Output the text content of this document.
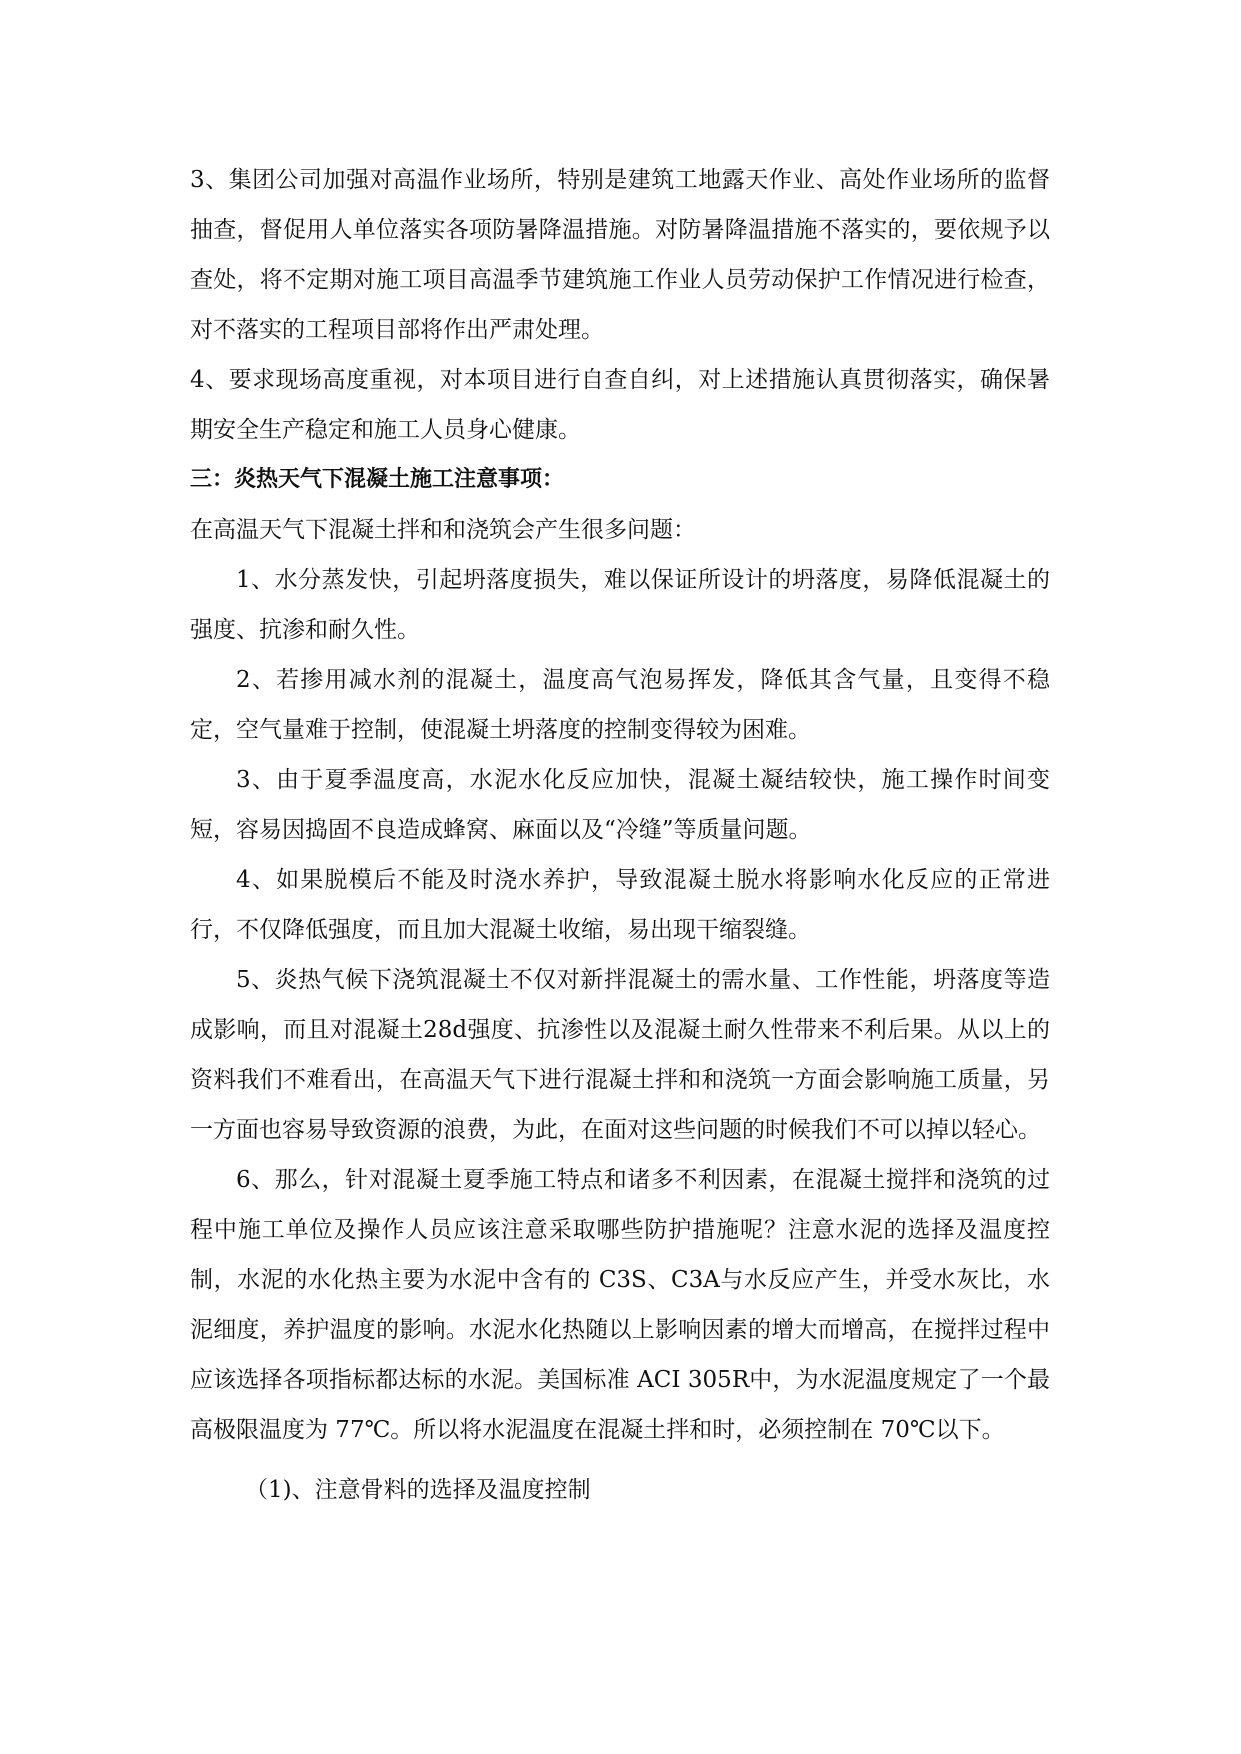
3、集团公司加强对高温作业场所，特别是建筑工地露天作业、高处作业场所的监督抽查，督促用人单位落实各项防暑降温措施。对防暑降温措施不落实的，要依规予以查处，将不定期对施工项目高温季节建筑施工作业人员劳动保护工作情况进行检查，对不落实的工程项目部将作出严肃处理。

4、要求现场高度重视，对本项目进行自查自纠，对上述措施认真贯彻落实，确保暑期安全生产稳定和施工人员身心健康。

三：炎热天气下混凝土施工注意事项：

在高温天气下混凝土拌和和浇筑会产生很多问题：

1、水分蒸发快，引起坍落度损失，难以保证所设计的坍落度，易降低混凝土的强度、抗渗和耐久性。

2、若掺用减水剂的混凝土，温度高气泡易挥发，降低其含气量，且变得不稳定，空气量难于控制，使混凝土坍落度的控制变得较为困难。

3、由于夏季温度高，水泥水化反应加快，混凝土凝结较快，施工操作时间变短，容易因捣固不良造成蜂窝、麻面以及“冷缝”等质量问题。

4、如果脱模后不能及时浇水养护，导致混凝土脱水将影响水化反应的正常进行，不仅降低强度，而且加大混凝土收缩，易出现干缩裂缝。

5、炎热气候下浇筑混凝土不仅对新拌混凝土的需水量、工作性能，坍落度等造成影响，而且对混凝土28d强度、抗渗性以及混凝土耐久性带来不利后果。从以上的资料我们不难看出，在高温天气下进行混凝土拌和和浇筑一方面会影响施工质量，另一方面也容易导致资源的浪费，为此，在面对这些问题的时候我们不可以掉以轻心。

6、那么，针对混凝土夏季施工特点和诸多不利因素，在混凝土搅拌和浇筑的过程中施工单位及操作人员应该注意采取哪些防护措施呢？注意水泥的选择及温度控制，水泥的水化热主要为水泥中含有的 C3S、C3A与水反应产生，并受水灰比，水泥细度，养护温度的影响。水泥水化热随以上影响因素的增大而增高，在搅拌过程中应该选择各项指标都达标的水泥。美国标准 ACI 305R中，为水泥温度规定了一个最高极限温度为 77℃。所以将水泥温度在混凝土拌和时，必须控制在 70℃以下。

（1)、注意骨料的选择及温度控制
